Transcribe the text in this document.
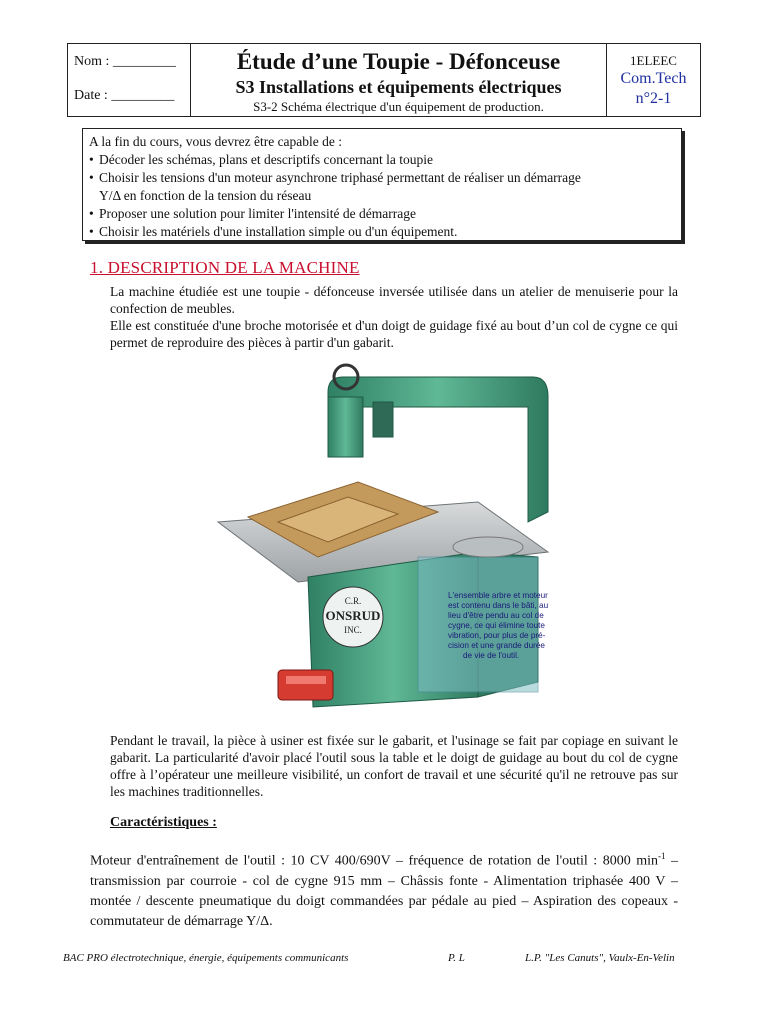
Nom : _________
Date : _________
Étude d’une Toupie - Défonceuse
S3 Installations et équipements électriques
S3-2 Schéma électrique d'un équipement de production.
1ELEEC
Com.Tech
n°2-1
A la fin du cours, vous devrez être capable de :
• Décoder les schémas, plans et descriptifs concernant la toupie
• Choisir les tensions d'un moteur asynchrone triphasé permettant de réaliser un démarrage
Y/Δ en fonction de la tension du réseau
• Proposer une solution pour limiter l'intensité de démarrage
• Choisir les matériels d'une installation simple ou d'un équipement.
1. DESCRIPTION DE LA MACHINE
La machine étudiée est une toupie - défonceuse inversée utilisée dans un atelier de menuiserie pour la confection de meubles.
Elle est constituée d'une broche motorisée et d'un doigt de guidage fixé au bout d’un col de cygne ce qui permet de reproduire des pièces à partir d'un gabarit.
C.R.
ONSRUD
INC.
L'ensemble arbre et moteur
est contenu dans le bâti, au
lieu d'être pendu au col de
cygne, ce qui élimine toute
vibration, pour plus de pré-
cision et une grande durée
de vie de l'outil.
Pendant le travail, la pièce à usiner est fixée sur le gabarit, et l'usinage se fait par copiage en suivant le gabarit. La particularité d'avoir placé l'outil sous la table et le doigt de guidage au bout du col de cygne offre à l’opérateur une meilleure visibilité, un confort de travail et une sécurité qu'il ne retrouve pas sur les machines traditionnelles.
Caractéristiques :
Moteur d'entraînement de l'outil : 10 CV 400/690V – fréquence de rotation de l'outil : 8000 $\min^{-1}$ – transmission par courroie - col de cygne 915 mm – Châssis fonte - Alimentation triphasée 400 V – montée / descente pneumatique du doigt commandées par pédale au pied – Aspiration des copeaux - commutateur de démarrage Y/Δ.
BAC PRO électrotechnique, énergie, équipements communicants	P. L	L.P. "Les Canuts", Vaulx-En-Velin
